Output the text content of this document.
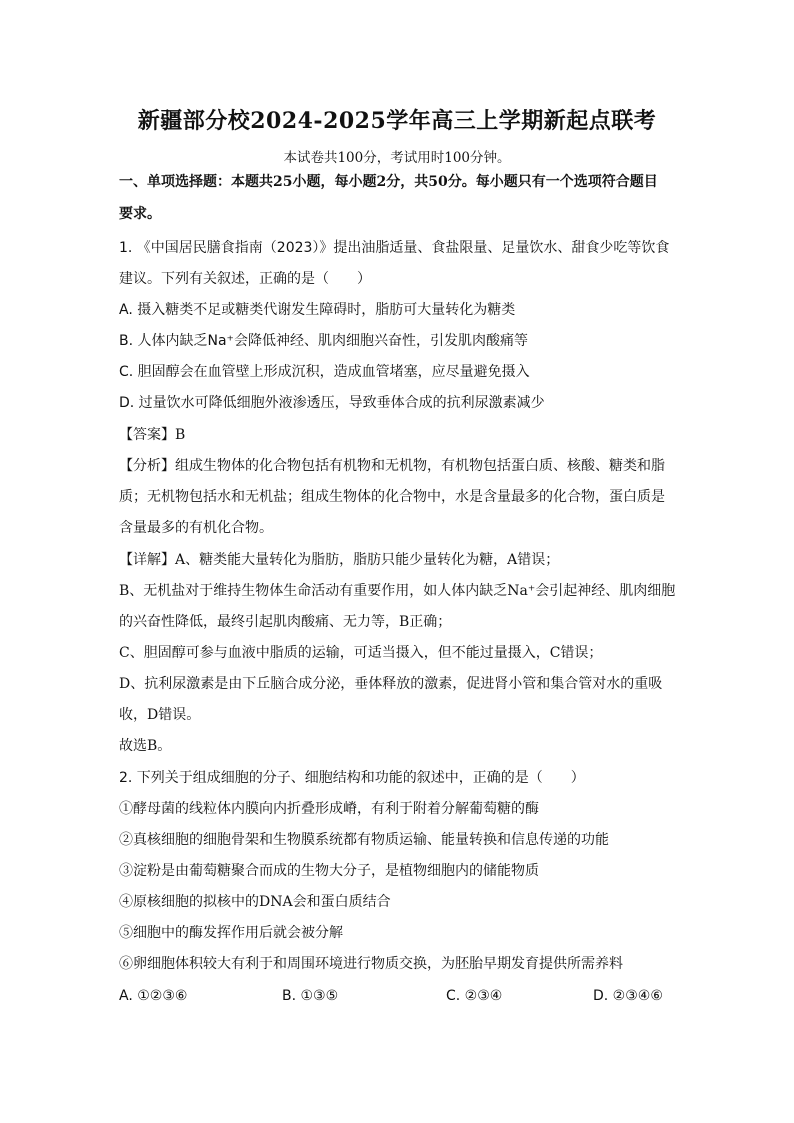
新疆部分校2024-2025学年高三上学期新起点联考
本试卷共100分，考试用时100分钟。
一、单项选择题：本题共25小题，每小题2分，共50分。每小题只有一个选项符合题目
要求。
1. 《中国居民膳食指南（2023）》提出油脂适量、食盐限量、足量饮水、甜食少吃等饮食
建议。下列有关叙述，正确的是（　　）
A. 摄入糖类不足或糖类代谢发生障碍时，脂肪可大量转化为糖类
B. 人体内缺乏Na⁺会降低神经、肌肉细胞兴奋性，引发肌肉酸痛等
C. 胆固醇会在血管壁上形成沉积，造成血管堵塞，应尽量避免摄入
D. 过量饮水可降低细胞外液渗透压，导致垂体合成的抗利尿激素减少
【答案】B
【分析】组成生物体的化合物包括有机物和无机物，有机物包括蛋白质、核酸、糖类和脂
质；无机物包括水和无机盐；组成生物体的化合物中，水是含量最多的化合物，蛋白质是
含量最多的有机化合物。
【详解】A、糖类能大量转化为脂肪，脂肪只能少量转化为糖，A错误；
B、无机盐对于维持生物体生命活动有重要作用，如人体内缺乏Na⁺会引起神经、肌肉细胞
的兴奋性降低，最终引起肌肉酸痛、无力等，B正确；
C、胆固醇可参与血液中脂质的运输，可适当摄入，但不能过量摄入，C错误；
D、抗利尿激素是由下丘脑合成分泌，垂体释放的激素，促进肾小管和集合管对水的重吸
收，D错误。
故选B。
2. 下列关于组成细胞的分子、细胞结构和功能的叙述中，正确的是（　　）
①酵母菌的线粒体内膜向内折叠形成嵴，有利于附着分解葡萄糖的酶
②真核细胞的细胞骨架和生物膜系统都有物质运输、能量转换和信息传递的功能
③淀粉是由葡萄糖聚合而成的生物大分子，是植物细胞内的储能物质
④原核细胞的拟核中的DNA会和蛋白质结合
⑤细胞中的酶发挥作用后就会被分解
⑥卵细胞体积较大有利于和周围环境进行物质交换，为胚胎早期发育提供所需养料
A. ①②③⑥	B. ①③⑤	C. ②③④	D. ②③④⑥
